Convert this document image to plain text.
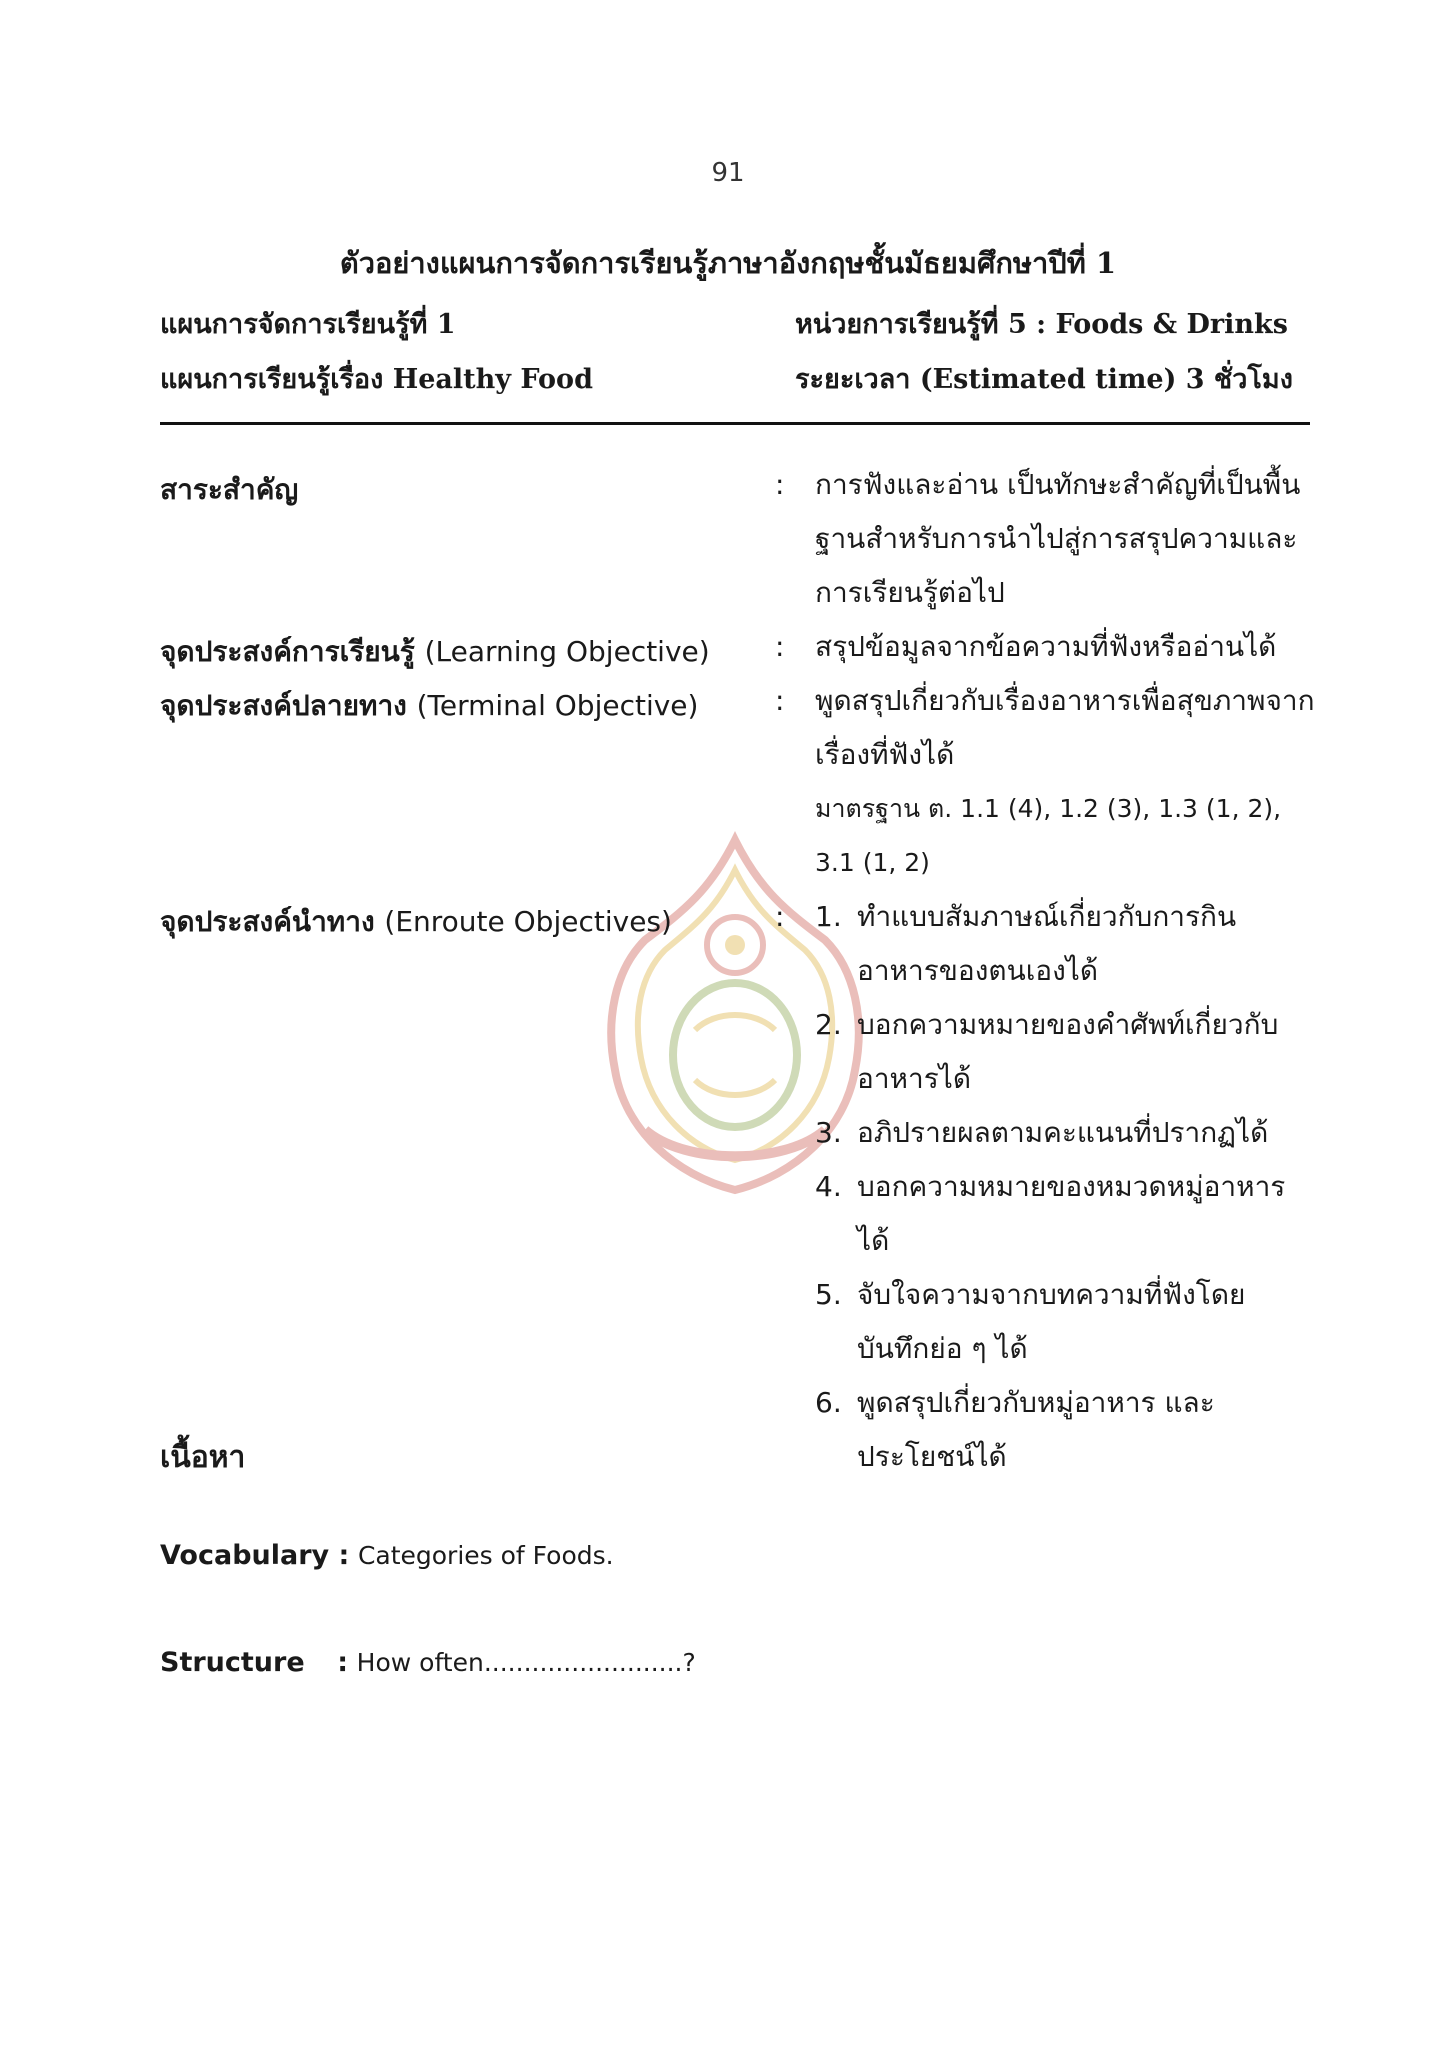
91
ตัวอย่างแผนการจัดการเรียนรู้ภาษาอังกฤษชั้นมัธยมศึกษาปีที่ 1
แผนการจัดการเรียนรู้ที่ 1	หน่วยการเรียนรู้ที่ 5 : Foods & Drinks
แผนการเรียนรู้เรื่อง Healthy Food	ระยะเวลา (Estimated time) 3 ชั่วโมง
สาระสำคัญ	: การฟังและอ่าน เป็นทักษะสำคัญที่เป็นพื้นฐานสำหรับการนำไปสู่การสรุปความและการเรียนรู้ต่อไป
จุดประสงค์การเรียนรู้ (Learning Objective) : สรุปข้อมูลจากข้อความที่ฟังหรืออ่านได้
จุดประสงค์ปลายทาง (Terminal Objective)	: พูดสรุปเกี่ยวกับเรื่องอาหารเพื่อสุขภาพจากเรื่องที่ฟังได้
มาตรฐาน ต. 1.1 (4), 1.2 (3), 1.3 (1, 2), 3.1 (1, 2)
จุดประสงค์นำทาง (Enroute Objectives)	: 1. ทำแบบสัมภาษณ์เกี่ยวกับการกินอาหารของตนเองได้
2. บอกความหมายของคำศัพท์เกี่ยวกับอาหารได้
3. อภิปรายผลตามคะแนนที่ปรากฏได้
4. บอกความหมายของหมวดหมู่อาหารได้
5. จับใจความจากบทความที่ฟังโดยบันทึกย่อ ๆ ได้
6. พูดสรุปเกี่ยวกับหมู่อาหาร และประโยชน์ได้
เนื้อหา
Vocabulary : Categories of Foods.
Structure : How often.........................?
